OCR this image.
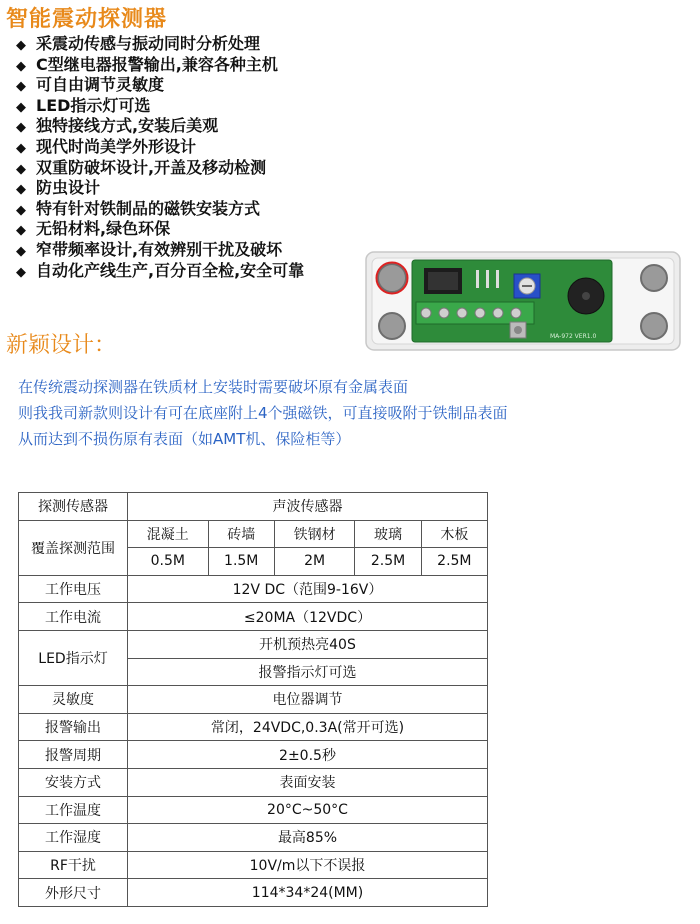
智能震动探测器
◆ 采震动传感与振动同时分析处理
◆ C型继电器报警输出,兼容各种主机
◆ 可自由调节灵敏度
◆ LED指示灯可选
◆ 独特接线方式,安装后美观
◆ 现代时尚美学外形设计
◆ 双重防破坏设计,开盖及移动检测
◆ 防虫设计
◆ 特有针对铁制品的磁铁安装方式
◆ 无铅材料,绿色环保
◆ 窄带频率设计,有效辨别干扰及破坏
◆ 自动化产线生产,百分百全检,安全可靠
MA-972 VER1.0
新颖设计：
在传统震动探测器在铁质材上安装时需要破坏原有金属表面
则我我司新款则设计有可在底座附上4个强磁铁，可直接吸附于铁制品表面
从而达到不损伤原有表面（如AMT机、保险柜等）
探测传感器	声波传感器				
覆盖探测范围	混凝土	砖墙	铁钢材	玻璃	木板
	0.5M	1.5M	2M	2.5M	2.5M
工作电压	12V DC（范围9-16V）				
工作电流	≤20MA（12VDC）				
LED指示灯	开机预热亮40S				
	报警指示灯可选				
灵敏度	电位器调节				
报警输出	常闭，24VDC,0.3A(常开可选)				
报警周期	2±0.5秒				
安装方式	表面安装				
工作温度	20°C~50°C				
工作湿度	最高85%				
RF干扰	10V/m以下不误报				
外形尺寸	114*34*24(MM)				
